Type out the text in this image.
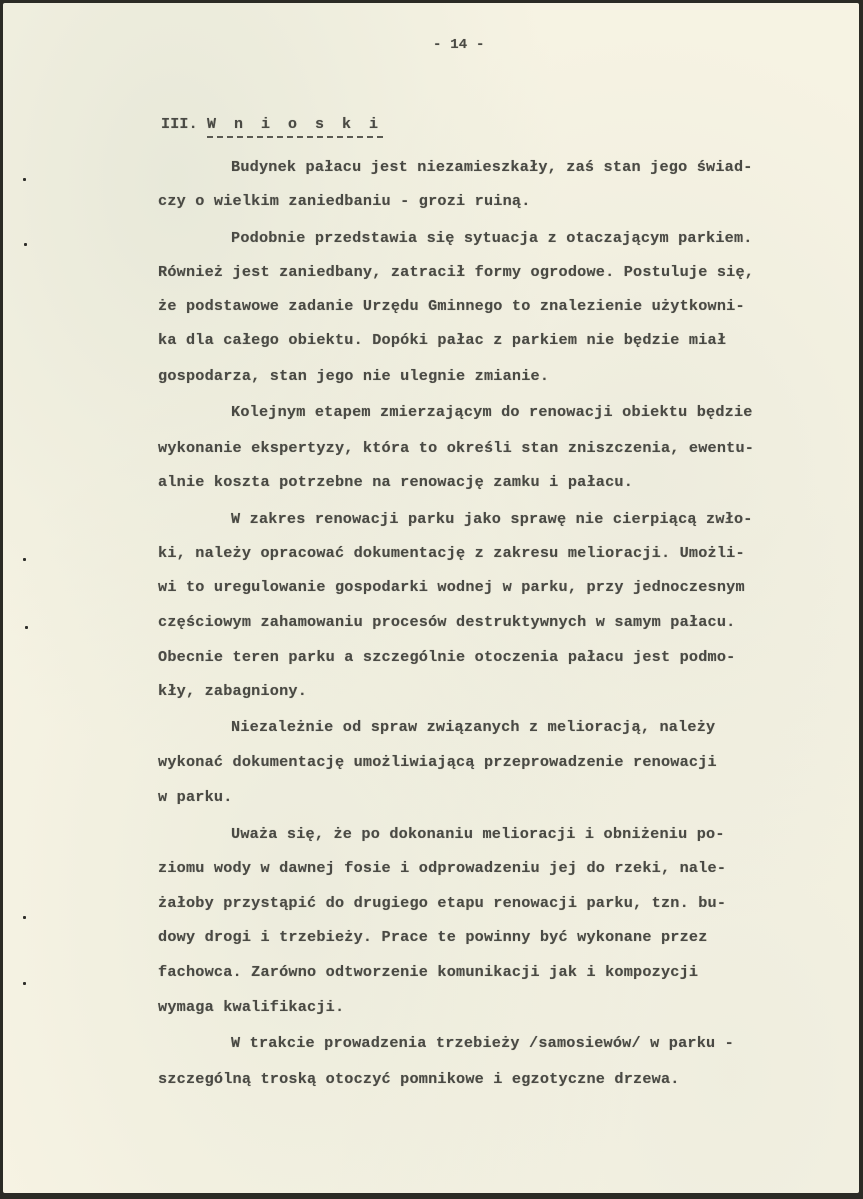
- 14 -
III. W n i o s k i
Budynek pałacu jest niezamieszkały, zaś stan jego świad-
czy o wielkim zaniedbaniu - grozi ruiną.
Podobnie przedstawia się sytuacja z otaczającym parkiem.
Również jest zaniedbany, zatracił formy ogrodowe. Postuluje się,
że podstawowe zadanie Urzędu Gminnego to znalezienie użytkowni-
ka dla całego obiektu. Dopóki pałac z parkiem nie będzie miał
gospodarza, stan jego nie ulegnie zmianie.
Kolejnym etapem zmierzającym do renowacji obiektu będzie
wykonanie ekspertyzy, która to określi stan zniszczenia, ewentu-
alnie koszta potrzebne na renowację zamku i pałacu.
W zakres renowacji parku jako sprawę nie cierpiącą zwło-
ki, należy opracować dokumentację z zakresu melioracji. Umożli-
wi to uregulowanie gospodarki wodnej w parku, przy jednoczesnym
częściowym zahamowaniu procesów destruktywnych w samym pałacu.
Obecnie teren parku a szczególnie otoczenia pałacu jest podmo-
kły, zabagniony.
Niezależnie od spraw związanych z melioracją, należy
wykonać dokumentację umożliwiającą przeprowadzenie renowacji
w parku.
Uważa się, że po dokonaniu melioracji i obniżeniu po-
ziomu wody w dawnej fosie i odprowadzeniu jej do rzeki, nale-
żałoby przystąpić do drugiego etapu renowacji parku, tzn. bu-
dowy drogi i trzebieży. Prace te powinny być wykonane przez
fachowca. Zarówno odtworzenie komunikacji jak i kompozycji
wymaga kwalifikacji.
W trakcie prowadzenia trzebieży /samosiewów/ w parku -
szczególną troską otoczyć pomnikowe i egzotyczne drzewa.
